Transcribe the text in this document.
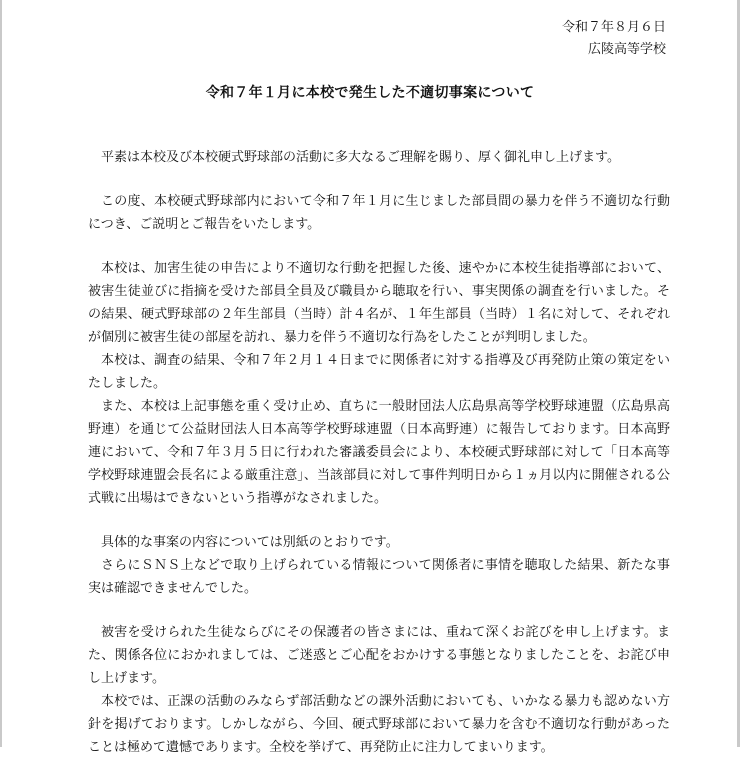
令和７年８月６日
広陵高等学校
令和７年１月に本校で発生した不適切事案について

平素は本校及び本校硬式野球部の活動に多大なるご理解を賜り、厚く御礼申し上げます。

この度、本校硬式野球部内において令和７年１月に生じました部員間の暴力を伴う不適切な行動につき、ご説明とご報告をいたします。

本校は、加害生徒の申告により不適切な行動を把握した後、速やかに本校生徒指導部において、被害生徒並びに指摘を受けた部員全員及び職員から聴取を行い、事実関係の調査を行いました。その結果、硬式野球部の２年生部員（当時）計４名が、１年生部員（当時）１名に対して、それぞれが個別に被害生徒の部屋を訪れ、暴力を伴う不適切な行為をしたことが判明しました。

本校は、調査の結果、令和７年２月１４日までに関係者に対する指導及び再発防止策の策定をいたしました。

また、本校は上記事態を重く受け止め、直ちに一般財団法人広島県高等学校野球連盟（広島県高野連）を通じて公益財団法人日本高等学校野球連盟（日本高野連）に報告しております。日本高野連において、令和７年３月５日に行われた審議委員会により、本校硬式野球部に対して「日本高等学校野球連盟会長名による厳重注意」、当該部員に対して事件判明日から１ヵ月以内に開催される公式戦に出場はできないという指導がなされました。

具体的な事案の内容については別紙のとおりです。

さらにＳＮＳ上などで取り上げられている情報について関係者に事情を聴取した結果、新たな事実は確認できませんでした。

被害を受けられた生徒ならびにその保護者の皆さまには、重ねて深くお詫びを申し上げます。また、関係各位におかれましては、ご迷惑とご心配をおかけする事態となりましたことを、お詫び申し上げます。

本校では、正課の活動のみならず部活動などの課外活動においても、いかなる暴力も認めない方針を掲げております。しかしながら、今回、硬式野球部において暴力を含む不適切な行動があったことは極めて遺憾であります。全校を挙げて、再発防止に注力してまいります。
